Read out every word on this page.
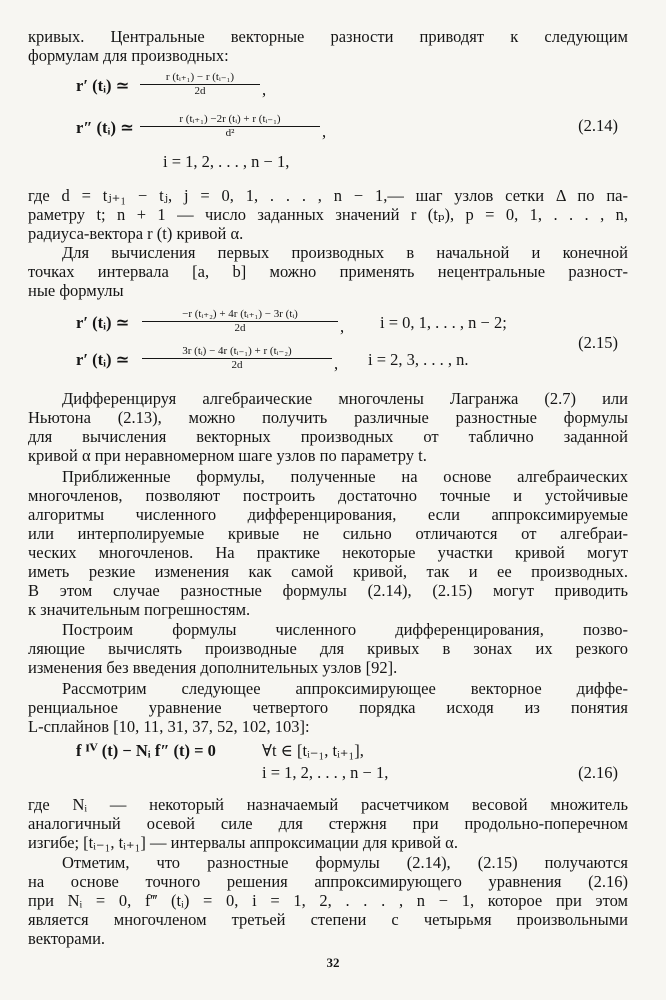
кривых. Центральные векторные разности приводят к следующим
формулам для производных:
r′ (tᵢ) ≃ $\frac{\text{r (tᵢ₊₁) − r (tᵢ₋₁)}}{2d}$ ,
r″ (tᵢ) ≃ $\frac{\text{r (tᵢ₊₁) −2r (tᵢ) + r (tᵢ₋₁)}}{\text{d²}}$ ,	(2.14)
i = 1, 2, . . . , n − 1,
где d = tⱼ₊₁ − tⱼ, j = 0, 1, . . . , n − 1,— шаг узлов сетки Δ по па-
раметру t; n + 1 — число заданных значений r (tₚ), p = 0, 1, . . . , n,
радиуса-вектора r (t) кривой α.
Для вычисления первых производных в начальной и конечной
точках интервала [a, b] можно применять нецентральные разност-
ные формулы
r′ (tᵢ) ≃ $\frac{\text{−r (tᵢ₊₂) + 4r (tᵢ₊₁) − 3r (tᵢ)}}{2d}$ , i = 0, 1, . . . , n − 2;
(2.15)
r′ (tᵢ) ≃ $\frac{\text{3r (tᵢ) − 4r (tᵢ₋₁) + r (tᵢ₋₂)}}{2d}$ , i = 2, 3, . . . , n.
Дифференцируя алгебраические многочлены Лагранжа (2.7) или
Ньютона (2.13), можно получить различные разностные формулы
для вычисления векторных производных от таблично заданной
кривой α при неравномерном шаге узлов по параметру t.
Приближенные формулы, полученные на основе алгебраических
многочленов, позволяют построить достаточно точные и устойчивые
алгоритмы численного дифференцирования, если аппроксимируемые
или интерполируемые кривые не сильно отличаются от алгебраи-
ческих многочленов. На практике некоторые участки кривой могут
иметь резкие изменения как самой кривой, так и ее производных.
В этом случае разностные формулы (2.14), (2.15) могут приводить
к значительным погрешностям.
Построим формулы численного дифференцирования, позво-
ляющие вычислять производные для кривых в зонах их резкого
изменения без введения дополнительных узлов [92].
Рассмотрим следующее аппроксимирующее векторное диффе-
ренциальное уравнение четвертого порядка исходя из понятия
L-сплайнов [10, 11, 31, 37, 52, 102, 103]:
f ᴵⱽ (t) − Nᵢ f″ (t) = 0	∀t ∈ [tᵢ₋₁, tᵢ₊₁],
i = 1, 2, . . . , n − 1,	(2.16)
где Nᵢ — некоторый назначаемый расчетчиком весовой множитель
аналогичный осевой силе для стержня при продольно-поперечном
изгибе; [tᵢ₋₁, tᵢ₊₁] — интервалы аппроксимации для кривой α.
Отметим, что разностные формулы (2.14), (2.15) получаются
на основе точного решения аппроксимирующего уравнения (2.16)
при Nᵢ = 0, f‴ (tᵢ) = 0, i = 1, 2, . . . , n − 1, которое при этом
является многочленом третьей степени с четырьмя произвольными
векторами.
32
